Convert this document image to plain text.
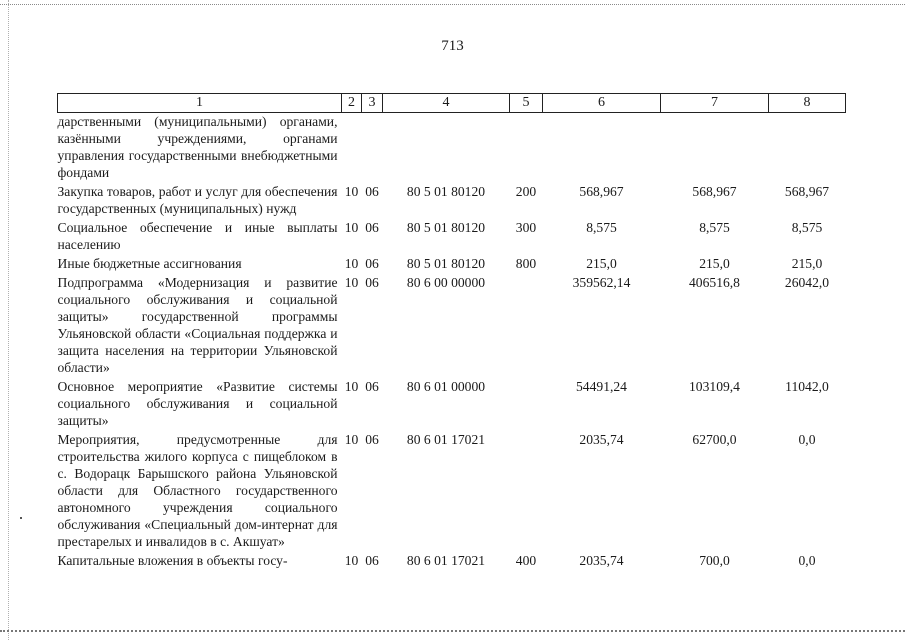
713
1	2	3	4	5	6	7	8
дарственными (муниципальными) органами, казёнными учреждениями, органами управления государственными внебюджетными фондами							
Закупка товаров, работ и услуг для обеспечения государственных (муниципальных) нужд	10	06	80 5 01 80120	200	568,967	568,967	568,967
Социальное обеспечение и иные выплаты населению	10	06	80 5 01 80120	300	8,575	8,575	8,575
Иные бюджетные ассигнования	10	06	80 5 01 80120	800	215,0	215,0	215,0
Подпрограмма «Модернизация и развитие социального обслуживания и социальной защиты» государственной программы Ульяновской области «Социальная поддержка и защита населения на территории Ульяновской области»	10	06	80 6 00 00000		359562,14	406516,8	26042,0
Основное мероприятие «Развитие системы социального обслуживания и социальной защиты»	10	06	80 6 01 00000		54491,24	103109,4	11042,0
Мероприятия, предусмотренные для строительства жилого корпуса с пищеблоком в с. Водорацк Барышского района Ульяновской области для Областного государственного автономного учреждения социального обслуживания «Специальный дом-интернат для престарелых и инвалидов в с. Акшуат»	10	06	80 6 01 17021		2035,74	62700,0	0,0
Капитальные вложения в объекты госу-	10	06	80 6 01 17021	400	2035,74	700,0	0,0
